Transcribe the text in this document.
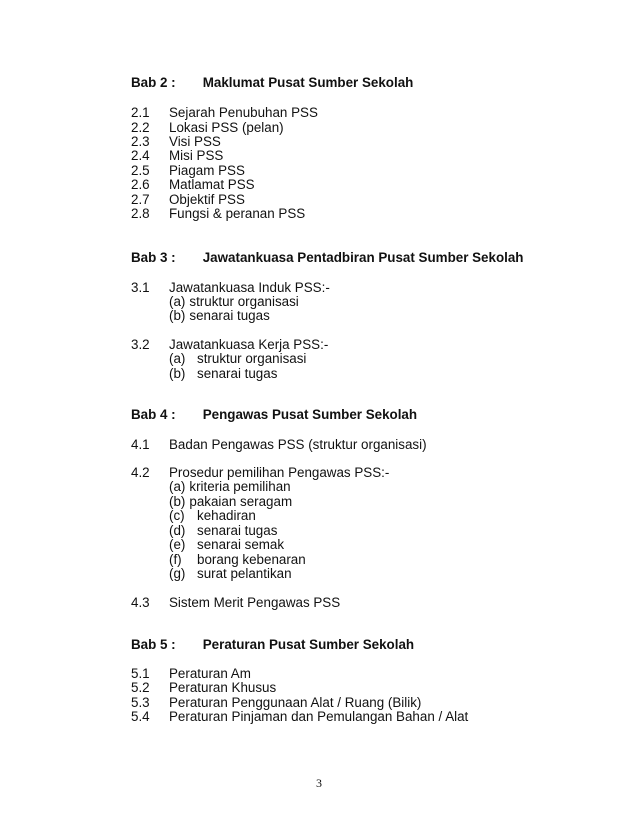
Bab 2 : Maklumat Pusat Sumber Sekolah
2.1 Sejarah Penubuhan PSS
2.2 Lokasi PSS (pelan)
2.3 Visi PSS
2.4 Misi PSS
2.5 Piagam PSS
2.6 Matlamat PSS
2.7 Objektif PSS
2.8 Fungsi & peranan PSS
Bab 3 : Jawatankuasa Pentadbiran Pusat Sumber Sekolah
3.1 Jawatankuasa Induk PSS:-
(a) struktur organisasi
(b) senarai tugas
3.2 Jawatankuasa Kerja PSS:-
(a) struktur organisasi
(b) senarai tugas
Bab 4 : Pengawas Pusat Sumber Sekolah
4.1 Badan Pengawas PSS (struktur organisasi)
4.2 Prosedur pemilihan Pengawas PSS:-
(a) kriteria pemilihan
(b) pakaian seragam
(c) kehadiran
(d) senarai tugas
(e) senarai semak
(f) borang kebenaran
(g) surat pelantikan
4.3 Sistem Merit Pengawas PSS
Bab 5 : Peraturan Pusat Sumber Sekolah
5.1 Peraturan Am
5.2 Peraturan Khusus
5.3 Peraturan Penggunaan Alat / Ruang (Bilik)
5.4 Peraturan Pinjaman dan Pemulangan Bahan / Alat
3
